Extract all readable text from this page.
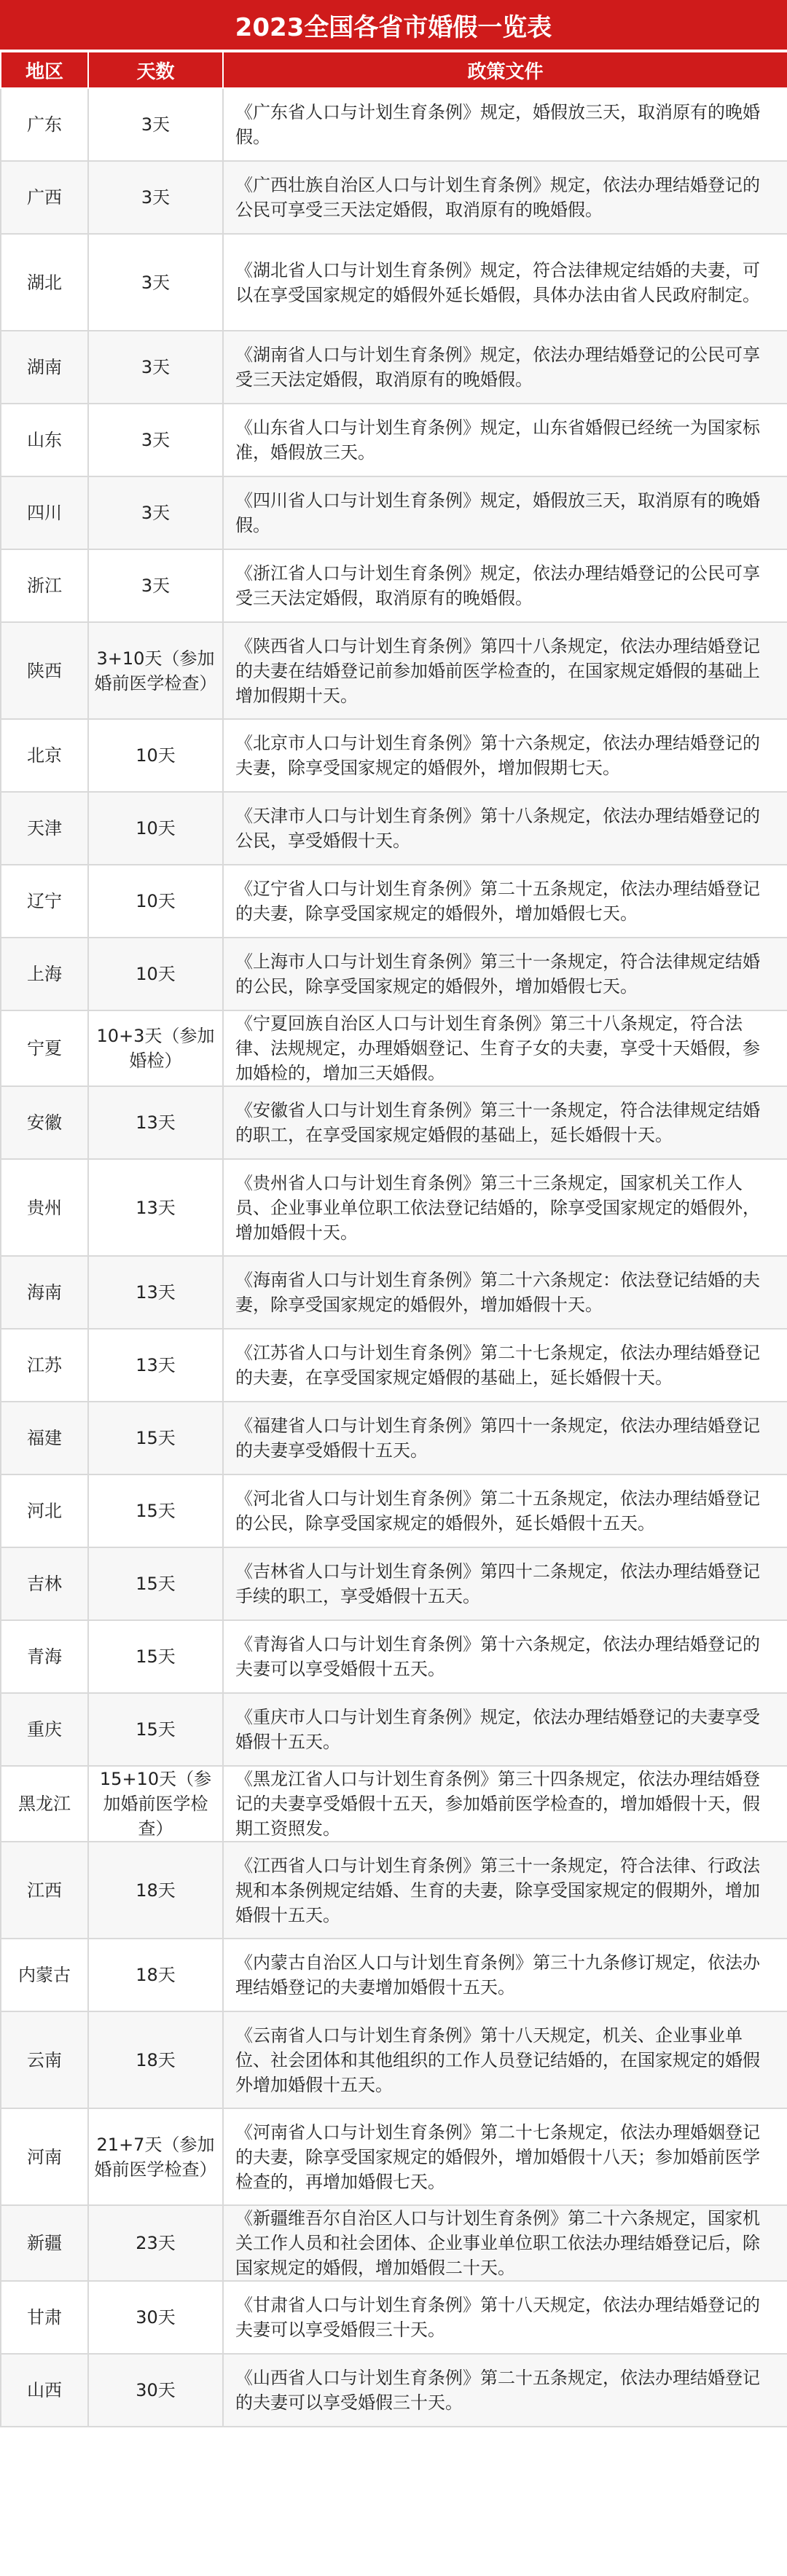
2023全国各省市婚假一览表
地区	天数	政策文件
广东	3天	《广东省人口与计划生育条例》规定，婚假放三天，取消原有的晚婚假。
广西	3天	《广西壮族自治区人口与计划生育条例》规定，依法办理结婚登记的公民可享受三天法定婚假，取消原有的晚婚假。
湖北	3天	《湖北省人口与计划生育条例》规定，符合法律规定结婚的夫妻，可以在享受国家规定的婚假外延长婚假，具体办法由省人民政府制定。
湖南	3天	《湖南省人口与计划生育条例》规定，依法办理结婚登记的公民可享受三天法定婚假，取消原有的晚婚假。
山东	3天	《山东省人口与计划生育条例》规定，山东省婚假已经统一为国家标准，婚假放三天。
四川	3天	《四川省人口与计划生育条例》规定，婚假放三天，取消原有的晚婚假。
浙江	3天	《浙江省人口与计划生育条例》规定，依法办理结婚登记的公民可享受三天法定婚假，取消原有的晚婚假。
陕西	3+10天（参加婚前医学检查）	《陕西省人口与计划生育条例》第四十八条规定，依法办理结婚登记的夫妻在结婚登记前参加婚前医学检查的，在国家规定婚假的基础上增加假期十天。
北京	10天	《北京市人口与计划生育条例》第十六条规定，依法办理结婚登记的夫妻，除享受国家规定的婚假外，增加假期七天。
天津	10天	《天津市人口与计划生育条例》第十八条规定，依法办理结婚登记的公民，享受婚假十天。
辽宁	10天	《辽宁省人口与计划生育条例》第二十五条规定，依法办理结婚登记的夫妻，除享受国家规定的婚假外，增加婚假七天。
上海	10天	《上海市人口与计划生育条例》第三十一条规定，符合法律规定结婚的公民，除享受国家规定的婚假外，增加婚假七天。
宁夏	10+3天（参加婚检）	《宁夏回族自治区人口与计划生育条例》第三十八条规定，符合法律、法规规定，办理婚姻登记、生育子女的夫妻，享受十天婚假，参加婚检的，增加三天婚假。
安徽	13天	《安徽省人口与计划生育条例》第三十一条规定，符合法律规定结婚的职工，在享受国家规定婚假的基础上，延长婚假十天。
贵州	13天	《贵州省人口与计划生育条例》第三十三条规定，国家机关工作人员、企业事业单位职工依法登记结婚的，除享受国家规定的婚假外，增加婚假十天。
海南	13天	《海南省人口与计划生育条例》第二十六条规定：依法登记结婚的夫妻，除享受国家规定的婚假外，增加婚假十天。
江苏	13天	《江苏省人口与计划生育条例》第二十七条规定，依法办理结婚登记的夫妻，在享受国家规定婚假的基础上，延长婚假十天。
福建	15天	《福建省人口与计划生育条例》第四十一条规定，依法办理结婚登记的夫妻享受婚假十五天。
河北	15天	《河北省人口与计划生育条例》第二十五条规定，依法办理结婚登记的公民，除享受国家规定的婚假外，延长婚假十五天。
吉林	15天	《吉林省人口与计划生育条例》第四十二条规定，依法办理结婚登记手续的职工，享受婚假十五天。
青海	15天	《青海省人口与计划生育条例》第十六条规定，依法办理结婚登记的夫妻可以享受婚假十五天。
重庆	15天	《重庆市人口与计划生育条例》规定，依法办理结婚登记的夫妻享受婚假十五天。
黑龙江	15+10天（参加婚前医学检查）	《黑龙江省人口与计划生育条例》第三十四条规定，依法办理结婚登记的夫妻享受婚假十五天，参加婚前医学检查的，增加婚假十天，假期工资照发。
江西	18天	《江西省人口与计划生育条例》第三十一条规定，符合法律、行政法规和本条例规定结婚、生育的夫妻，除享受国家规定的假期外，增加婚假十五天。
内蒙古	18天	《内蒙古自治区人口与计划生育条例》第三十九条修订规定，依法办理结婚登记的夫妻增加婚假十五天。
云南	18天	《云南省人口与计划生育条例》第十八天规定，机关、企业事业单位、社会团体和其他组织的工作人员登记结婚的，在国家规定的婚假外增加婚假十五天。
河南	21+7天（参加婚前医学检查）	《河南省人口与计划生育条例》第二十七条规定，依法办理婚姻登记的夫妻，除享受国家规定的婚假外，增加婚假十八天；参加婚前医学检查的，再增加婚假七天。
新疆	23天	《新疆维吾尔自治区人口与计划生育条例》第二十六条规定，国家机关工作人员和社会团体、企业事业单位职工依法办理结婚登记后，除国家规定的婚假，增加婚假二十天。
甘肃	30天	《甘肃省人口与计划生育条例》第十八天规定，依法办理结婚登记的夫妻可以享受婚假三十天。
山西	30天	《山西省人口与计划生育条例》第二十五条规定，依法办理结婚登记的夫妻可以享受婚假三十天。
